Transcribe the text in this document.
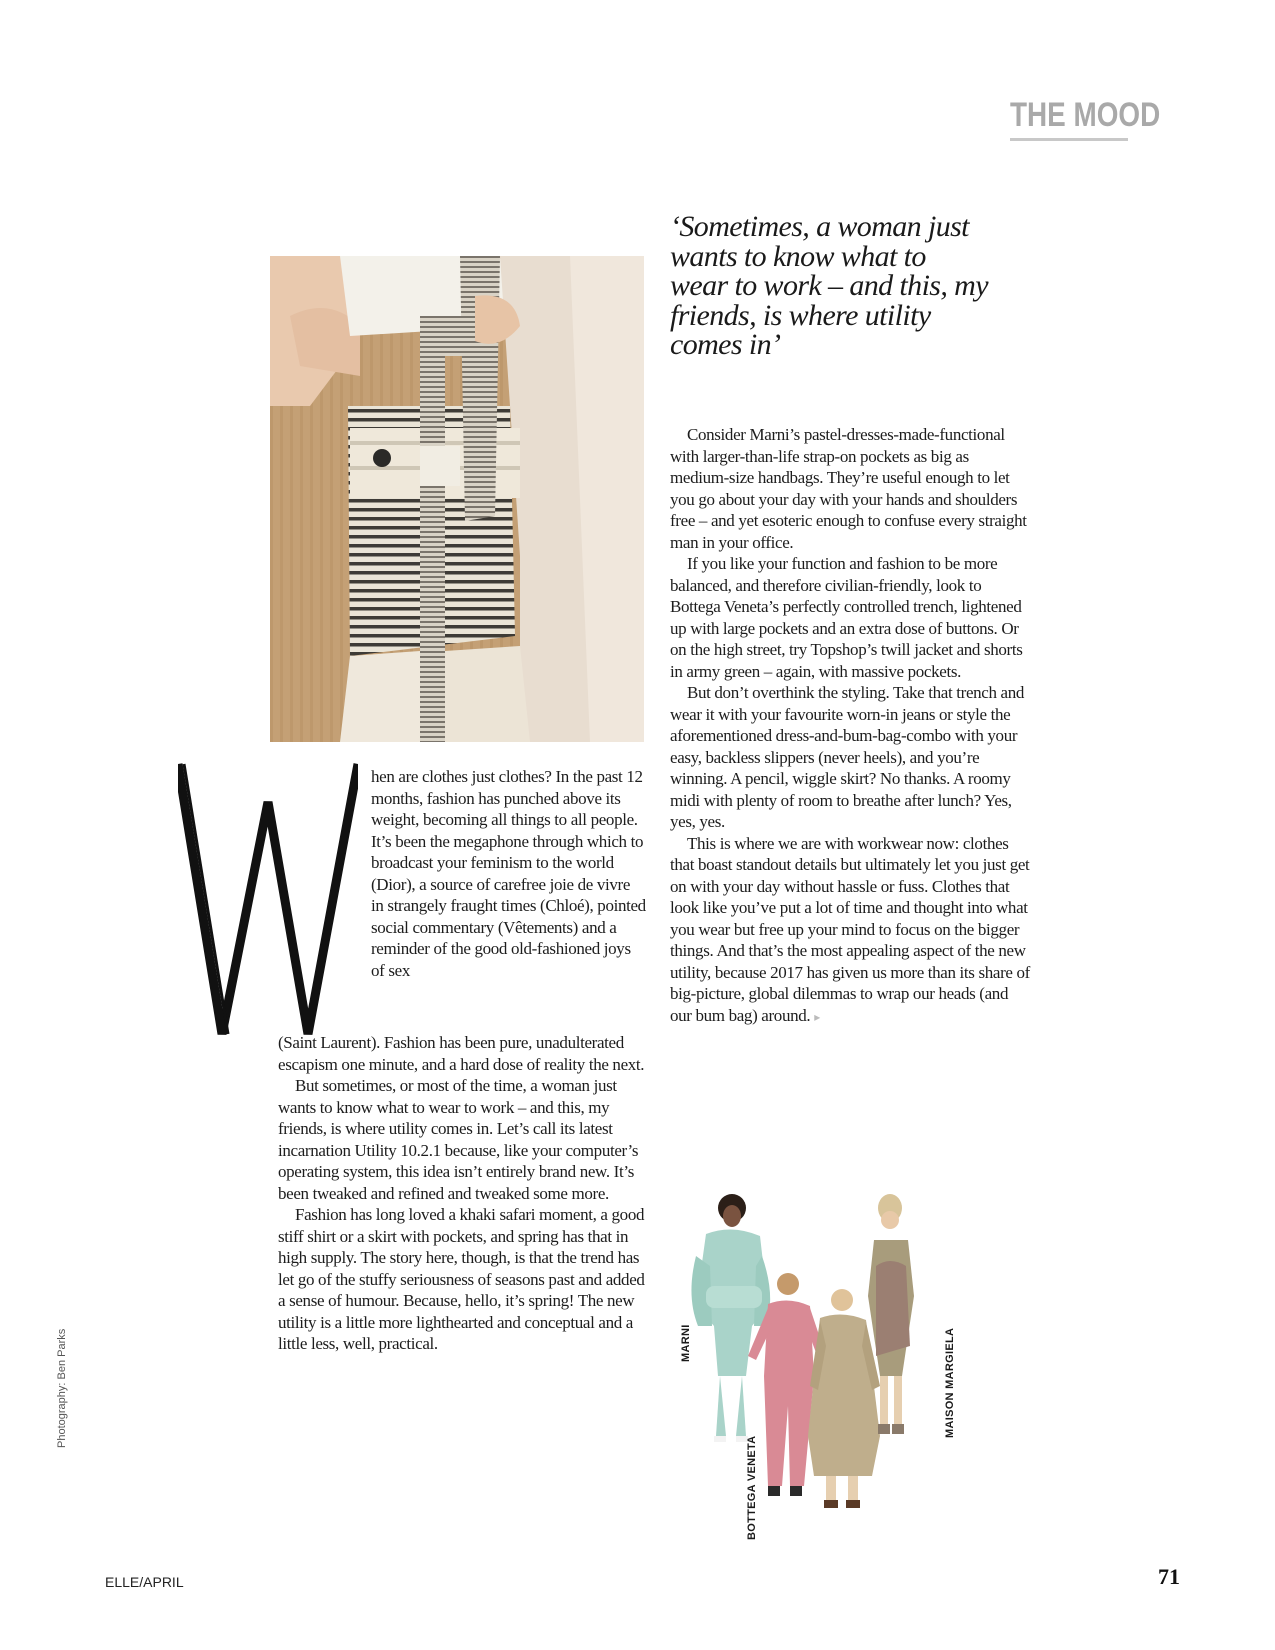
THE MOOD
‘Sometimes, a woman just wants to know what to wear to work – and this, my friends, is where utility comes in’

hen are clothes just clothes? In the past 12 months, fashion has punched above its weight, becoming all things to all people. It’s been the megaphone through which to broadcast your feminism to the world (Dior), a source of carefree joie de vivre in strangely fraught times (Chloé), pointed social commentary (Vêtements) and a reminder of the good old-fashioned joys of sex

(Saint Laurent). Fashion has been pure, unadulterated escapism one minute, and a hard dose of reality the next.

But sometimes, or most of the time, a woman just wants to know what to wear to work – and this, my friends, is where utility comes in. Let’s call its latest incarnation Utility 10.2.1 because, like your computer’s operating system, this idea isn’t entirely brand new. It’s been tweaked and refined and tweaked some more.

Fashion has long loved a khaki safari moment, a good stiff shirt or a skirt with pockets, and spring has that in high supply. The story here, though, is that the trend has let go of the stuffy seriousness of seasons past and added a sense of humour. Because, hello, it’s spring! The new utility is a little more lighthearted and conceptual and a little less, well, practical.

Consider Marni’s pastel-dresses-made-functional with larger-than-life strap-on pockets as big as medium-size handbags. They’re useful enough to let you go about your day with your hands and shoulders free – and yet esoteric enough to confuse every straight man in your office.

If you like your function and fashion to be more balanced, and therefore civilian-friendly, look to Bottega Veneta’s perfectly controlled trench, lightened up with large pockets and an extra dose of buttons. Or on the high street, try Topshop’s twill jacket and shorts in army green – again, with massive pockets.

But don’t overthink the styling. Take that trench and wear it with your favourite worn-in jeans or style the aforementioned dress-and-bum-bag-combo with your easy, backless slippers (never heels), and you’re winning. A pencil, wiggle skirt? No thanks. A roomy midi with plenty of room to breathe after lunch? Yes, yes, yes.

This is where we are with workwear now: clothes that boast standout details but ultimately let you just get on with your day without hassle or fuss. Clothes that look like you’ve put a lot of time and thought into what you wear but free up your mind to focus on the bigger things. And that’s the most appealing aspect of the new utility, because 2017 has given us more than its share of big-picture, global dilemmas to wrap our heads (and our bum bag) around. ▸

MARNI
BOTTEGA VENETA
MAISON MARGIELA
Photography: Ben Parks
ELLE/APRIL	71
